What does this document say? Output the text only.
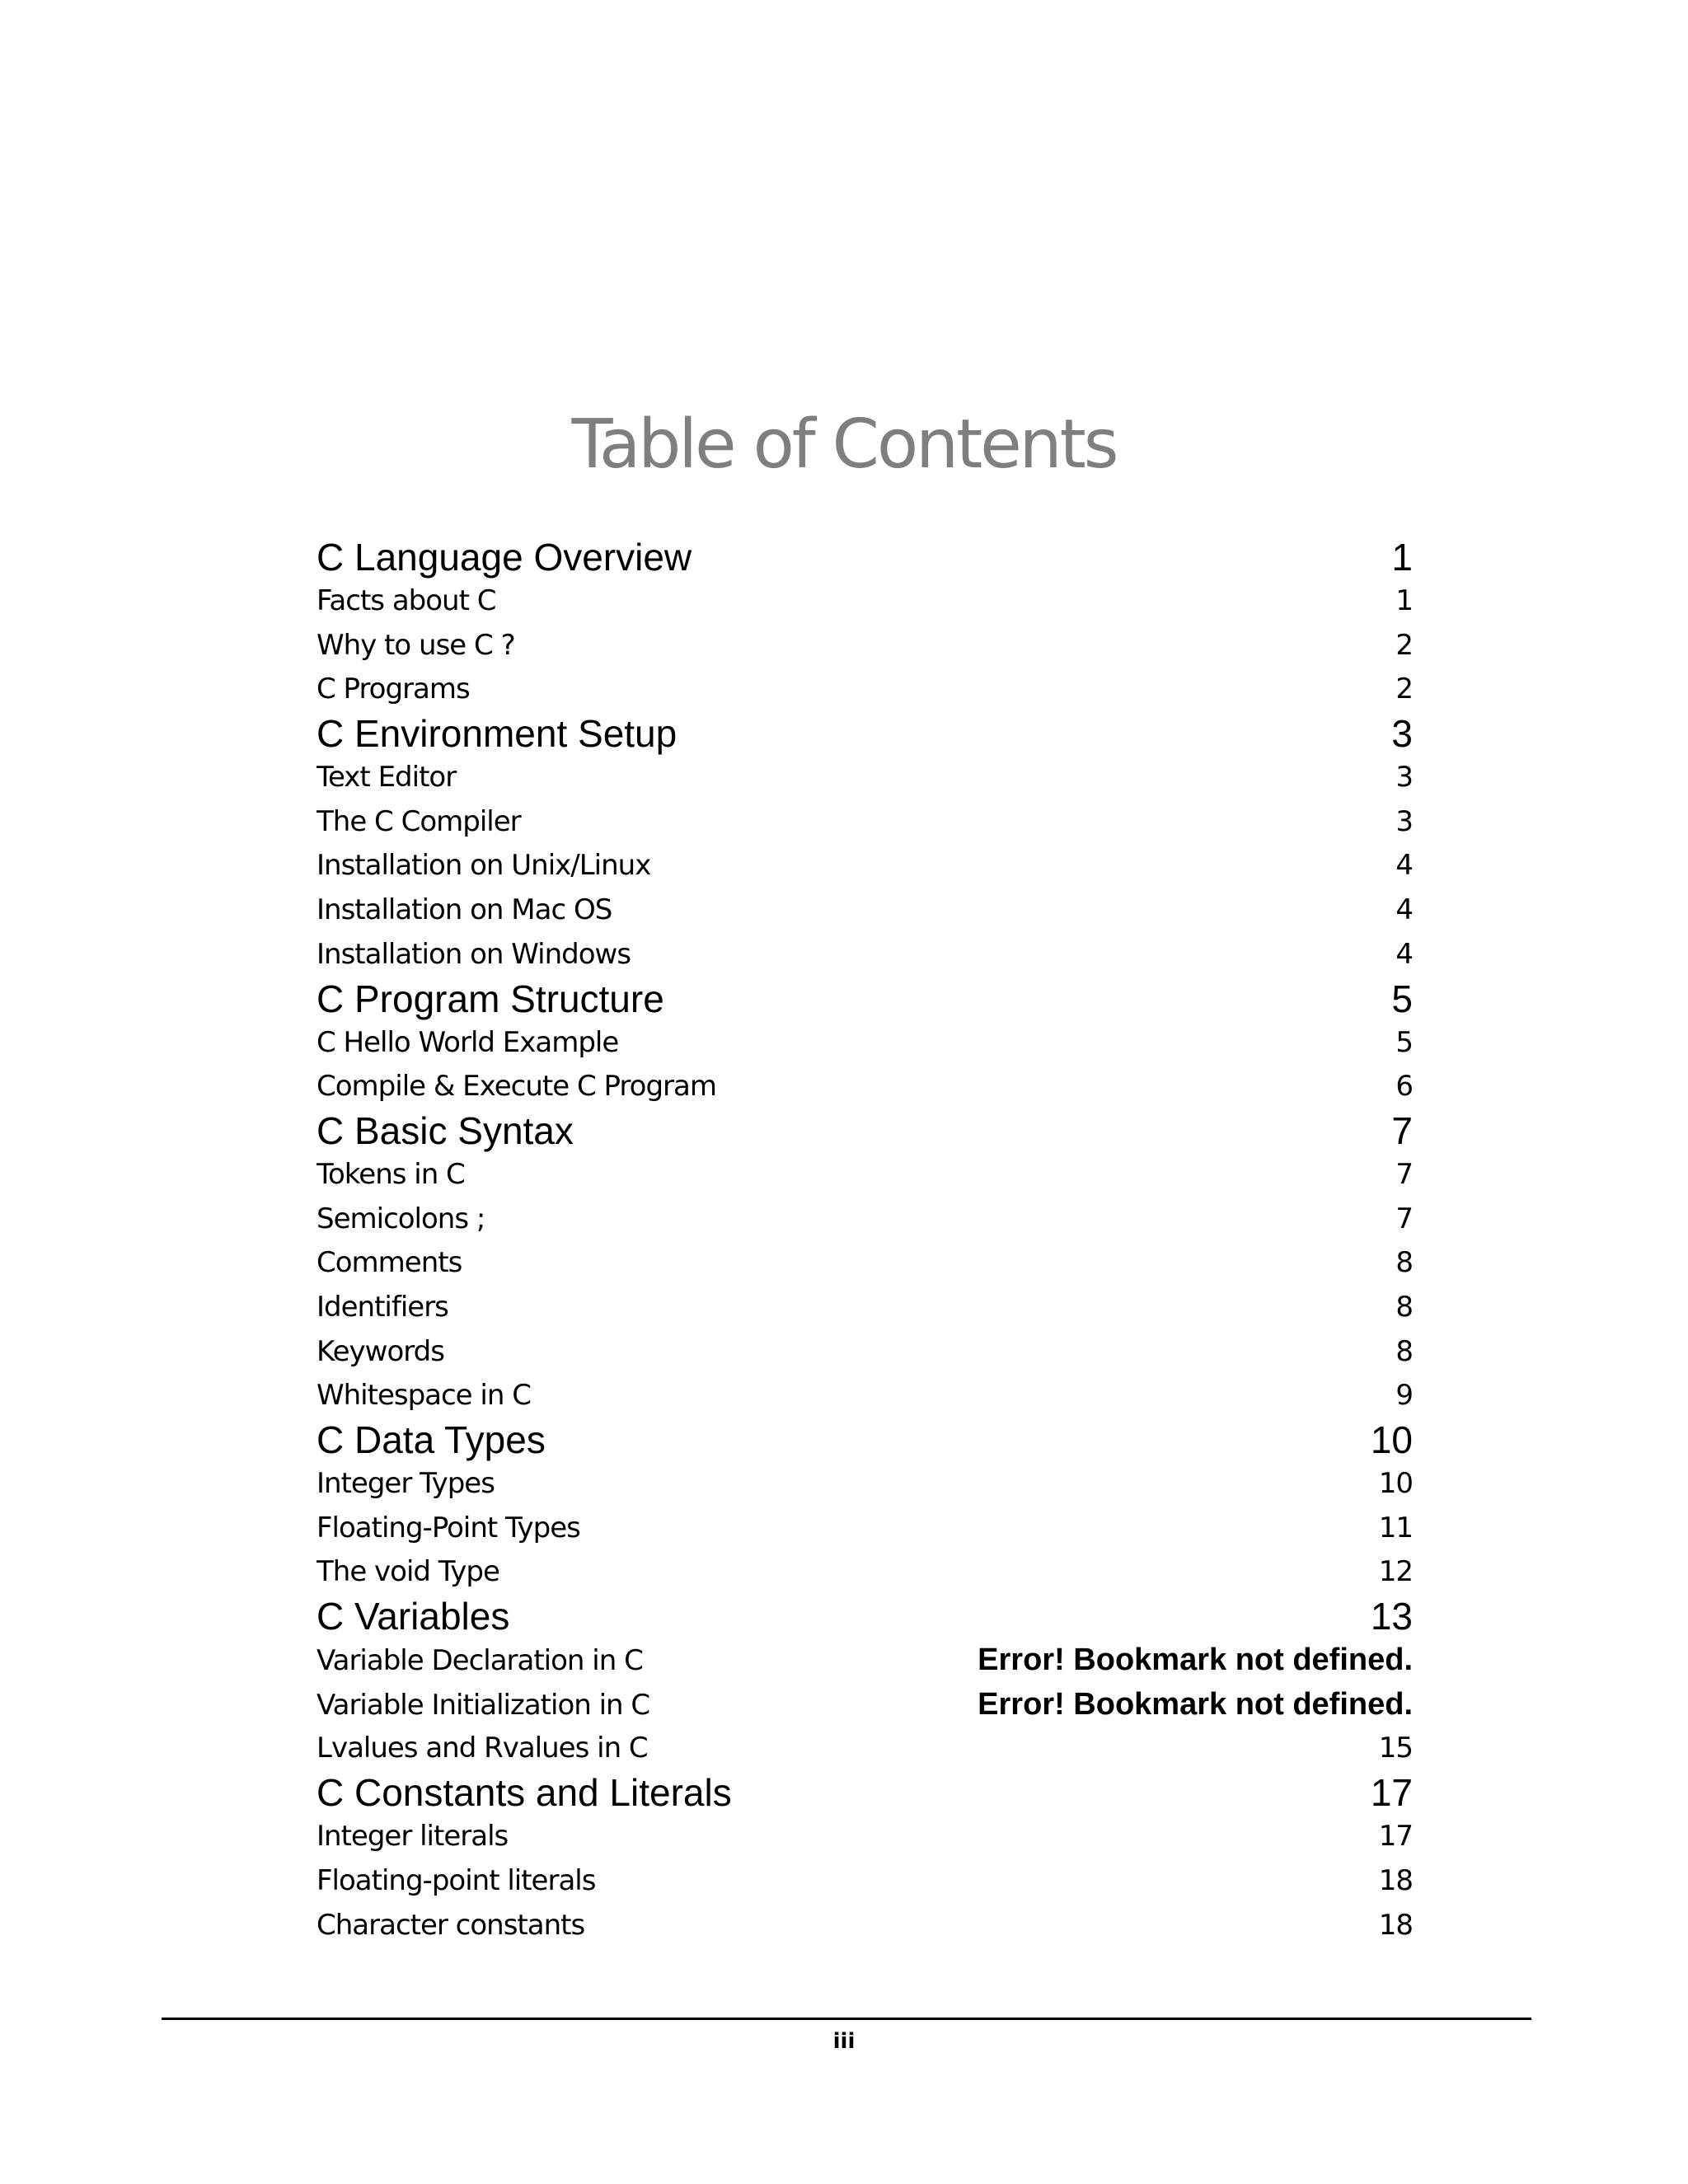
Table of Contents
C Language Overview	1
Facts about C	1
Why to use C ?	2
C Programs	2
C Environment Setup	3
Text Editor	3
The C Compiler	3
Installation on Unix/Linux	4
Installation on Mac OS	4
Installation on Windows	4
C Program Structure	5
C Hello World Example	5
Compile & Execute C Program	6
C Basic Syntax	7
Tokens in C	7
Semicolons ;	7
Comments	8
Identifiers	8
Keywords	8
Whitespace in C	9
C Data Types	10
Integer Types	10
Floating-Point Types	11
The void Type	12
C Variables	13
Variable Declaration in C	Error! Bookmark not defined.
Variable Initialization in C	Error! Bookmark not defined.
Lvalues and Rvalues in C	15
C Constants and Literals	17
Integer literals	17
Floating-point literals	18
Character constants	18
iii
